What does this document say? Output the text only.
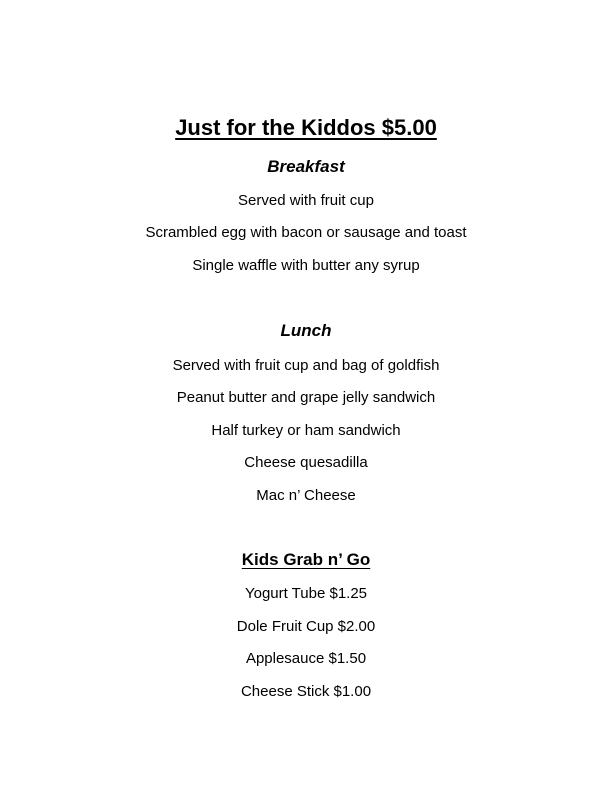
Just for the Kiddos $5.00
Breakfast
Served with fruit cup
Scrambled egg with bacon or sausage and toast
Single waffle with butter any syrup
Lunch
Served with fruit cup and bag of goldfish
Peanut butter and grape jelly sandwich
Half turkey or ham sandwich
Cheese quesadilla
Mac n’ Cheese
Kids Grab n’ Go
Yogurt Tube $1.25
Dole Fruit Cup $2.00
Applesauce $1.50
Cheese Stick $1.00
